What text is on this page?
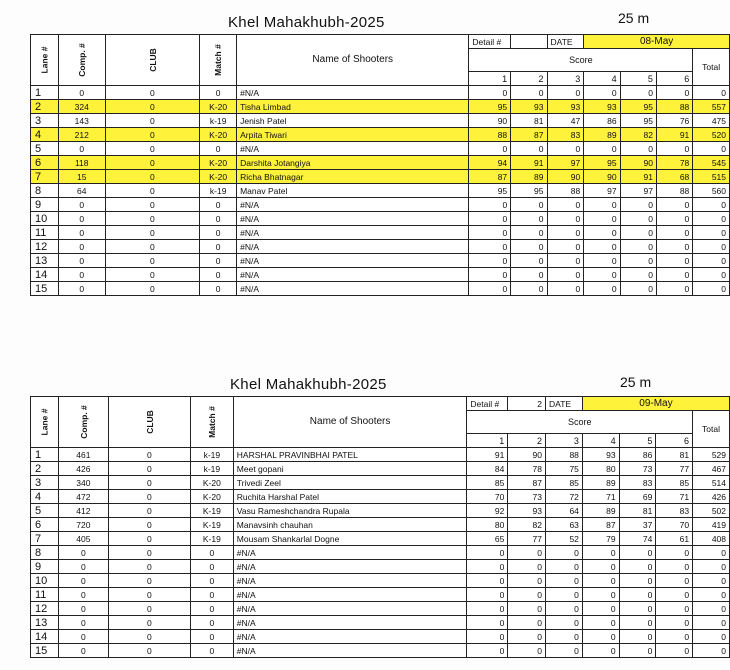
Khel Mahakhubh-2025	25 m
Lane #	Comp. #	CLUB	Match #	Name of Shooters	Detail #		DATE	08-May			
					Score						Total
					1	2	3	4	5	6	
1	0	0	0	#N/A	0	0	0	0	0	0	0
2	324	0	K-20	Tisha Limbad	95	93	93	93	95	88	557
3	143	0	k-19	Jenish Patel	90	81	47	86	95	76	475
4	212	0	K-20	Arpita Tiwari	88	87	83	89	82	91	520
5	0	0	0	#N/A	0	0	0	0	0	0	0
6	118	0	K-20	Darshita Jotangiya	94	91	97	95	90	78	545
7	15	0	K-20	Richa Bhatnagar	87	89	90	90	91	68	515
8	64	0	k-19	Manav Patel	95	95	88	97	97	88	560
9	0	0	0	#N/A	0	0	0	0	0	0	0
10	0	0	0	#N/A	0	0	0	0	0	0	0
11	0	0	0	#N/A	0	0	0	0	0	0	0
12	0	0	0	#N/A	0	0	0	0	0	0	0
13	0	0	0	#N/A	0	0	0	0	0	0	0
14	0	0	0	#N/A	0	0	0	0	0	0	0
15	0	0	0	#N/A	0	0	0	0	0	0	0
Khel Mahakhubh-2025	25 m
Lane #	Comp. #	CLUB	Match #	Name of Shooters	Detail #	2	DATE	09-May			
					Score						Total
					1	2	3	4	5	6	
1	461	0	k-19	HARSHAL PRAVINBHAI PATEL	91	90	88	93	86	81	529
2	426	0	k-19	Meet gopani	84	78	75	80	73	77	467
3	340	0	K-20	Trivedi Zeel	85	87	85	89	83	85	514
4	472	0	K-20	Ruchita Harshal Patel	70	73	72	71	69	71	426
5	412	0	K-19	Vasu Rameshchandra Rupala	92	93	64	89	81	83	502
6	720	0	K-19	Manavsinh chauhan	80	82	63	87	37	70	419
7	405	0	K-19	Mousam Shankarlal Dogne	65	77	52	79	74	61	408
8	0	0	0	#N/A	0	0	0	0	0	0	0
9	0	0	0	#N/A	0	0	0	0	0	0	0
10	0	0	0	#N/A	0	0	0	0	0	0	0
11	0	0	0	#N/A	0	0	0	0	0	0	0
12	0	0	0	#N/A	0	0	0	0	0	0	0
13	0	0	0	#N/A	0	0	0	0	0	0	0
14	0	0	0	#N/A	0	0	0	0	0	0	0
15	0	0	0	#N/A	0	0	0	0	0	0	0
